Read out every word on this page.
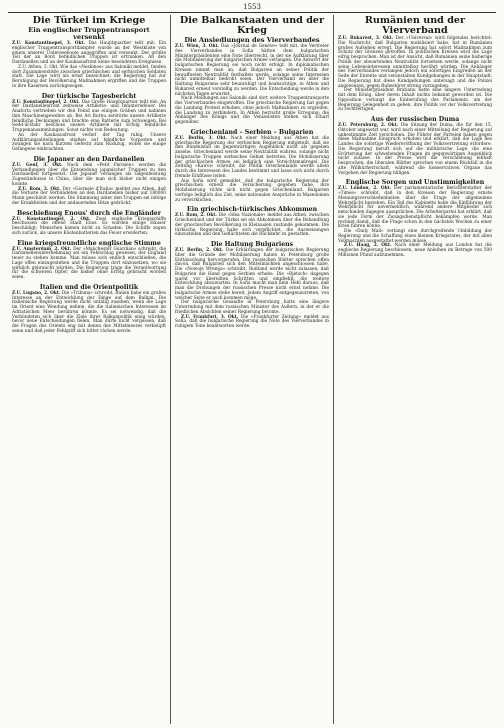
1553
Die Türkei im Kriege
Ein englischer Truppentransport versenkt

Z.U. Konstantinopel, 3. Okt. Das Hauptquartier teilt mit: Ein englischer Truppentransportdampfer wurde an der Westküste von einem unserer Unterseeboote angegriffen und versenkt. Der größte Teil der an Bord befindlichen Truppen ist ertrunken. An den Dardanellen und an der Kaukasusfront keine besonderen Ereignisse.

Z.U. Athen, 3. Okt. Wie das »Neskinos« aus Saloniki meldet, fanden dort Zusammenstöße zwischen griechischen und serbischen Soldaten statt. Die Lage wird als ernst bezeichnet; die Regierung hat zur Beruhigung der Bevölkerung Maßnahmen ergriffen und die Truppen in ihre Kasernen zurückgezogen.

Der türkische Tagesbericht

Z.U. Konstantinopel, 2. Okt. Das Große Hauptquartier teilt mit: An der Dardanellenfront zeitweise Artillerie- und Infanteriefeuer. Bei Anaforta vertrieben wir den Feind aus einigen Gräben und nahmen ihm Maschinengewehre ab. Bei Ari Burnu zerstörte unsere Artillerie feindliche Deckungen und brachte eine Batterie zum Schweigen. Bei Sedd-ül-Bahr beschoss unsere Artillerie mit Erfolg feindliche Truppenansammlungen. Sonst nichts von Bedeutung.

An der Kaukasusfront verlief der Tag ruhig. Unsere Aufklärungsabteilungen stießen auf feindliche Vorposten und zwangen sie nach kurzem Gefecht zum Rückzug, wobei sie einige Gefangene einbrachten.

Die Japaner an den Dardanellen

Z.U. Genf, 3. Okt. Nach dem »Petit Parisien« werden die Verhandlungen über die Entsendung japanischer Truppen zu den Dardanellen fortgesetzt. Die Japaner verlangen als Gegenleistung Zugeständnisse in China, über die man sich bisher nicht einigen konnte.

Z.U. Rom, 2. Okt. Der »Giornale d'Italia« meldet aus Athen, daß die Verluste der Verbündeten an den Dardanellen bisher auf 180000 Mann geschätzt werden. Die Stimmung unter den Truppen sei infolge der Krankheiten und der andauernden Hitze gedrückt.

Beschießung Enous' durch die Engländer

Z.U. Konstantinopel, 2. Okt. Zwei englische Kriegsschiffe beschossen die offene Stadt Enos. Es wurden einige Häuser beschädigt; Menschen kamen nicht zu Schaden. Die Schiffe zogen sich zurück, als unsere Küstenbatterien das Feuer erwiderten.

Eine kriegsfreundliche englische Stimme

Z.U. Amsterdam, 2. Okt. Der »Manchester Guardian« schreibt, die Dardanellenunternehmung sei ein Fehlschlag gewesen, der England teuer zu stehen komme. Man müsse sich endlich entschließen, die Lage offen einzugestehen und die Truppen dort einzusetzen, wo sie wirklich gebraucht würden. Die Regierung trage die Verantwortung für die schweren Opfer, die bisher ohne Erfolg gebracht worden seien.

Italien und die Orientpolitik

Z.U. Lugano, 2. Okt. Die »Tribuna« schreibt, Italien habe ein großes Interesse an der Entwicklung der Dinge auf dem Balkan. Die italienische Regierung werde nicht untätig zusehen, wenn die Lage im Orient eine Wendung nehme, die die italienischen Interessen im Adriatischen Meer berühren könnte. Es sei notwendig, daß die Verbündeten sich über die Ziele ihrer Balkanpolitik einig würden, bevor neue Entscheidungen fielen. Man dürfe nicht vergessen, daß die Fragen des Orients eng mit denen des Mittelmeeres verknüpft seien und daß jeder Fehlgriff sich bitter rächen werde.

Die Balkanstaaten und der Krieg
Die Ansiedlungen des Vierverbandes

Z.U. Wien, 3. Okt. Das »Journal de Genève« teilt mit, die Vertreter des Vierverbandes in Sofia hätten dem bulgarischen Ministerpräsidenten eine Note überreicht, in der sie Aufklärung über die Mobilisierung der bulgarischen Armee verlangen. Die Antwort der bulgarischen Regierung sei noch nicht erfolgt. In diplomatischen Kreisen nimmt man an, daß Bulgarien an seiner Politik der bewaffneten Neutralität festhalten werde, solange seine Interessen nicht unmittelbar bedroht seien. Der Vierverband sei über die Haltung Bulgariens sehr beunruhigt und beabsichtige, in Athen und Bukarest erneut vorstellig zu werden. Die Entscheidung werde in den nächsten Tagen erwartet.

Nach Meldungen aus Saloniki sind dort weitere Truppentransporte des Vierverbandes eingetroffen. Die griechische Regierung hat gegen die Landung Protest erhoben, ohne jedoch Maßnahmen zu ergreifen, die Landung zu verhindern. In Athen herrscht große Erregung; die Anhänger des Königs und die Venizelisten stehen sich scharf gegenüber.

Griechenland – Serbien – Bulgarien

Z.U. Berlin, 3. Okt. Nach einer Meldung aus Athen hat die griechische Regierung der serbischen Regierung mitgeteilt, daß sie den Bündnisfall im gegenwärtigen Augenblick nicht als gegeben ansehe. Griechenland werde seine Neutralität wahren, solange nicht bulgarische Truppen serbisches Gebiet betreten. Die Mobilisierung der griechischen Armee sei lediglich eine Vorsichtsmaßregel. Die Zeitung »Kairoi« schreibt, die Politik Griechenlands werde allein durch die Interessen des Landes bestimmt und lasse sich nicht durch fremde Einflüsse leiten.

Aus Sofia wird gemeldet, daß die bulgarische Regierung der griechischen erneut die Versicherung gegeben habe, ihre Mobilisierung richte sich nicht gegen Griechenland. Bulgarien verfolge lediglich das Ziel, seine nationalen Ansprüche in Mazedonien zu verwirklichen.

Ein griechisch-türkisches Abkommen

Z.U. Rom, 2. Okt. Die »Idea Nazionale« meldet aus Athen, zwischen Griechenland und der Türkei sei ein Abkommen über die Behandlung der griechischen Bevölkerung in Kleinasien zustande gekommen. Die türkische Regierung habe sich verpflichtet, die Ausweisungen einzustellen und den Geflüchteten die Rückkehr zu gestatten.

Die Haltung Bulgariens

Z.U. Berlin, 2. Okt. Die Erklärungen der bulgarischen Regierung über die Gründe der Mobilisierung haben in Petersburg große Enttäuschung hervorgerufen. Die russischen Blätter sprechen offen davon, daß Bulgarien sich den Mittelmächten angeschlossen habe. Die »Nowoje Wremja« schreibt, Rußland werde nicht zulassen, daß Bulgarien die Hand gegen Serbien erhebe. Die »Rjetsch« dagegen warnt vor übereilten Schritten und empfiehlt, die weitere Entwicklung abzuwarten. In Sofia macht man kein Hehl daraus, daß man die Drohungen der russischen Presse nicht ernst nehme. Die bulgarische Armee stehe bereit, jedem Angriff entgegenzutreten, von welcher Seite er auch kommen möge.

Der bulgarische Gesandte in Petersburg hatte eine längere Unterredung mit dem russischen Minister des Äußern, in der er die friedlichen Absichten seiner Regierung betonte.

Z.U. Frankfurt, 3. Okt. Die »Frankfurter Zeitung« meldet aus Sofia, daß die bulgarische Regierung die Note des Vierverbandes in ruhigem Tone beantworten werde.

Rumänien und der Vierverband

Z.U. Bukarest, 3. Okt. Der »Universul« wird folgendes berichtet: Die Nachricht, daß Bulgarien mobilisiert habe, hat in Rumänien großes Aufsehen erregt. Die Regierung hat sofort Maßnahmen zum Schutz der Grenzen getroffen. In politischen Kreisen wird die Lage eifrig besprochen. Man ist der Ansicht, daß Rumänien seine bisherige Politik der abwartenden Neutralität fortsetzen werde, solange nicht seine Lebensinteressen unmittelbar berührt würden. Die Anhänger des Vierverbandes verlangen jedoch ein sofortiges Eingreifen an der Seite der Entente und veranstalten Kundgebungen in der Hauptstadt. Die Regierung hat diese Kundgebungen untersagt und die Polizei angewiesen, gegen Ruhestörer streng vorzugehen.

Der Ministerpräsident Bratianu hatte eine längere Unterredung mit dem König, über deren Inhalt nichts bekannt geworden ist. Die Opposition verlangt die Einberufung des Parlaments, um der Regierung Gelegenheit zu geben, ihre Politik vor der Volksvertretung zu rechtfertigen.

Aus der russischen Duma

Z.U. Petersburg, 2. Okt. Die Sitzung der Duma, die für den 15. Oktober angesetzt war, wird nach einer Mitteilung der Regierung auf unbestimmte Zeit verschoben. Die Führer der Parteien haben gegen diese Maßnahme Einspruch erhoben und erklärt, daß die Lage des Landes die sofortige Wiedereröffnung der Volksvertretung erfordere. Die Regierung beruft sich auf die militärische Lage, die eine Erörterung der schwebenden Fragen im gegenwärtigen Augenblick nicht zulasse. In der Presse wird die Verschiebung lebhaft besprochen; die liberalen Blätter sprechen von einem Rückfall in die alte Willkürherrschaft, während die konservativen Organe das Vorgehen der Regierung billigen.

Englische Sorgen und Unstimmigkeiten

Z.U. London, 2. Okt. Der parlamentarische Berichterstatter der »Times« schreibt, daß in den Kreisen der Regierung ernste Meinungsverschiedenheiten über die Frage der allgemeinen Wehrpflicht bestehen. Ein Teil des Kabinetts halte die Einführung der Wehrpflicht für unvermeidlich, während andere Mitglieder sich entschieden dagegen aussprächen. Die Arbeiterpartei hat erklärt, daß sie jede Form der Zwangsdienstpflicht bekämpfen werde. Man rechnet damit, daß die Frage schon in den nächsten Wochen zu einer Krise führen könne.

Die »Daily Mail« verlangt eine durchgreifende Umbildung der Regierung und die Schaffung eines kleinen Kriegsrates, der mit allen Vollmachten ausgestattet werden müsse.

Z.U. Haag, 2. Okt. Nach einer Meldung aus London hat die englische Regierung beschlossen, neue Anleihen im Betrage von 500 Millionen Pfund aufzunehmen.
